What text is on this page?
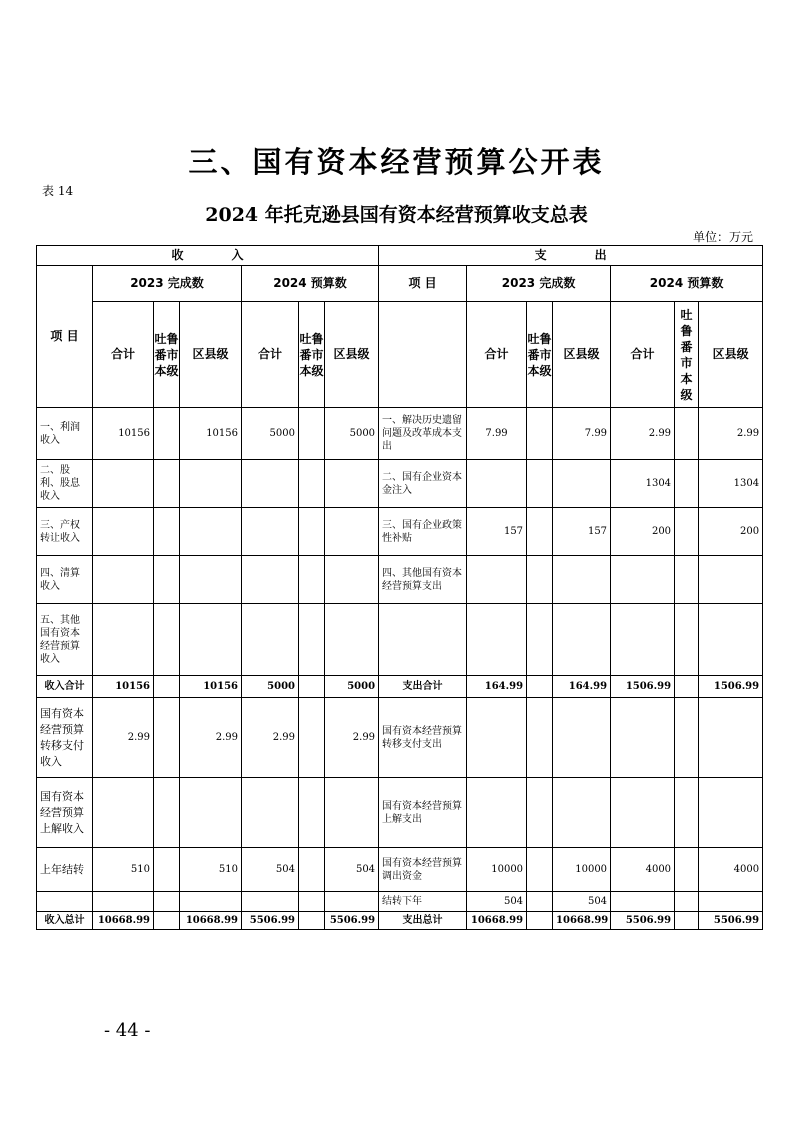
三、国有资本经营预算公开表
表 14
2024 年托克逊县国有资本经营预算收支总表
单位：万元
收　　　　入							支　　　　出						
项 目	2023 完成数			2024 预算数			项 目	2023 完成数			2024 预算数		
	合计	吐鲁番市本级	区县级	合计	吐鲁番市本级	区县级		合计	吐鲁番市本级	区县级	合计	吐鲁番市本级	区县级
一、利润收入	10156		10156	5000		5000	一、解决历史遗留问题及改革成本支出	7.99		7.99	2.99		2.99
二、股利、股息收入							二、国有企业资本金注入				1304		1304
三、产权转让收入							三、国有企业政策性补贴	157		157	200		200
四、清算收入							四、其他国有资本经营预算支出						
五、其他国有资本经营预算收入													
收入合计	10156		10156	5000		5000	支出合计	164.99		164.99	1506.99		1506.99
国有资本经营预算转移支付收入	2.99		2.99	2.99		2.99	国有资本经营预算转移支付支出						
国有资本经营预算上解收入							国有资本经营预算上解支出						
上年结转	510		510	504		504	国有资本经营预算调出资金	10000		10000	4000		4000
							结转下年	504		504			
收入总计	10668.99		10668.99	5506.99		5506.99	支出总计	10668.99		10668.99	5506.99		5506.99
- 44 -
